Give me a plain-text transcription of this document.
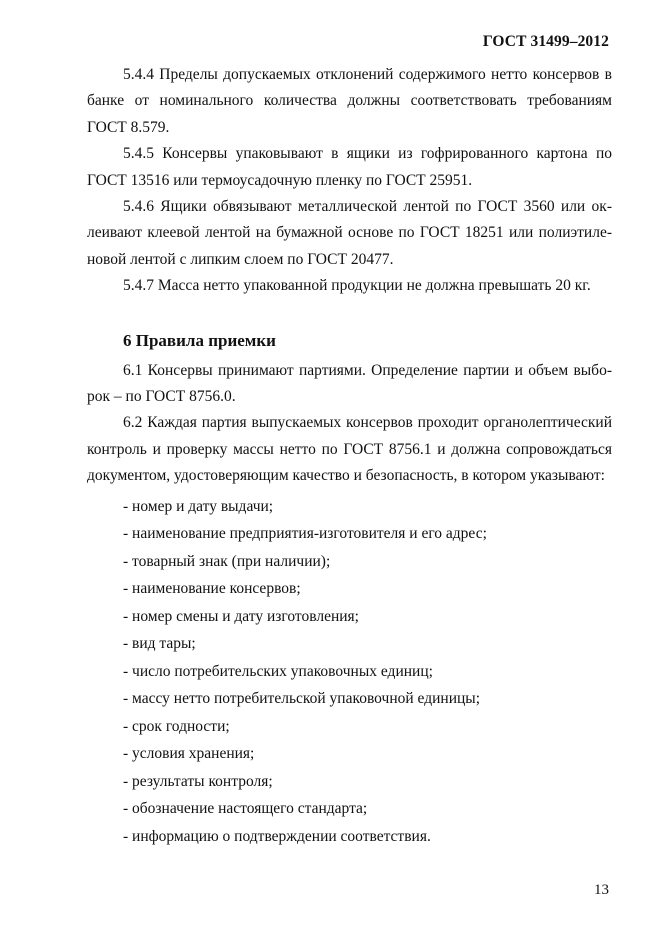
ГОСТ 31499–2012

5.4.4 Пределы допускаемых отклонений содержимого нетто консервов в банке от номинального количества должны соответствовать требованиям ГОСТ 8.579.

5.4.5 Консервы упаковывают в ящики из гофрированного картона по ГОСТ 13516 или термоусадочную пленку по ГОСТ 25951.

5.4.6 Ящики обвязывают металлической лентой по ГОСТ 3560 или оклеивают клеевой лентой на бумажной основе по ГОСТ 18251 или полиэтиленовой лентой с липким слоем по ГОСТ 20477.

5.4.7 Масса нетто упакованной продукции не должна превышать 20 кг.

6 Правила приемки

6.1 Консервы принимают партиями. Определение партии и объем выборок – по ГОСТ 8756.0.

6.2 Каждая партия выпускаемых консервов проходит органолептический контроль и проверку массы нетто по ГОСТ 8756.1 и должна сопровождаться документом, удостоверяющим качество и безопасность, в котором указывают:

- номер и дату выдачи;
- наименование предприятия-изготовителя и его адрес;
- товарный знак (при наличии);
- наименование консервов;
- номер смены и дату изготовления;
- вид тары;
- число потребительских упаковочных единиц;
- массу нетто потребительской упаковочной единицы;
- срок годности;
- условия хранения;
- результаты контроля;
- обозначение настоящего стандарта;
- информацию о подтверждении соответствия.
13
